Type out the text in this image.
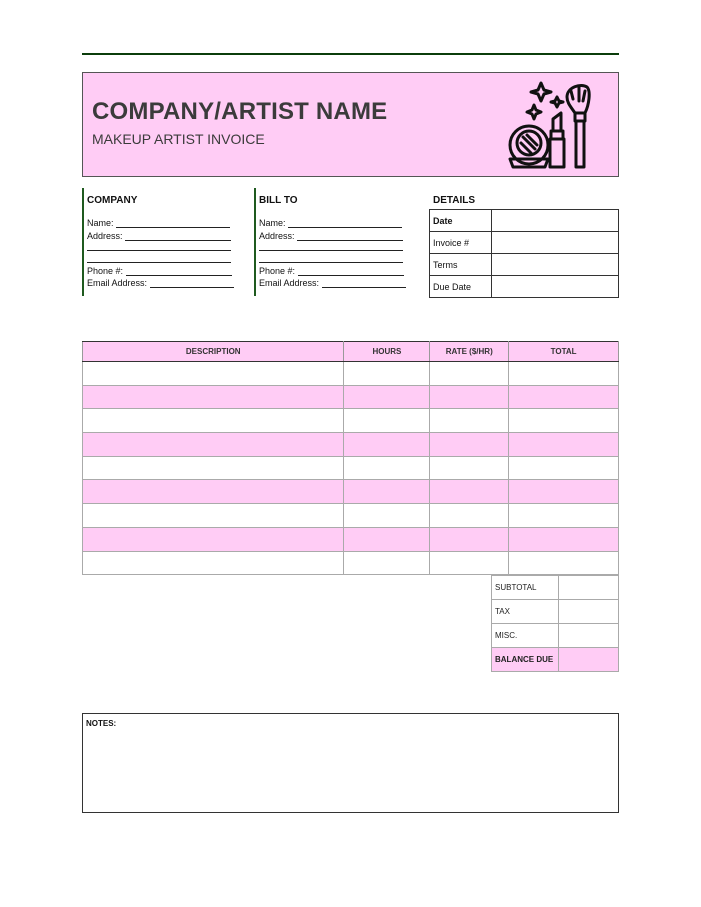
COMPANY/ARTIST NAME
MAKEUP ARTIST INVOICE
COMPANY
Name:
Address:
Phone #:
Email Address:
BILL TO
Name:
Address:
Phone #:
Email Address:
DETAILS
Date	
Invoice #	
Terms	
Due Date	
DESCRIPTION	HOURS	RATE ($/HR)	TOTAL

SUBTOTAL	
TAX	
MISC.	
BALANCE DUE	
NOTES:
